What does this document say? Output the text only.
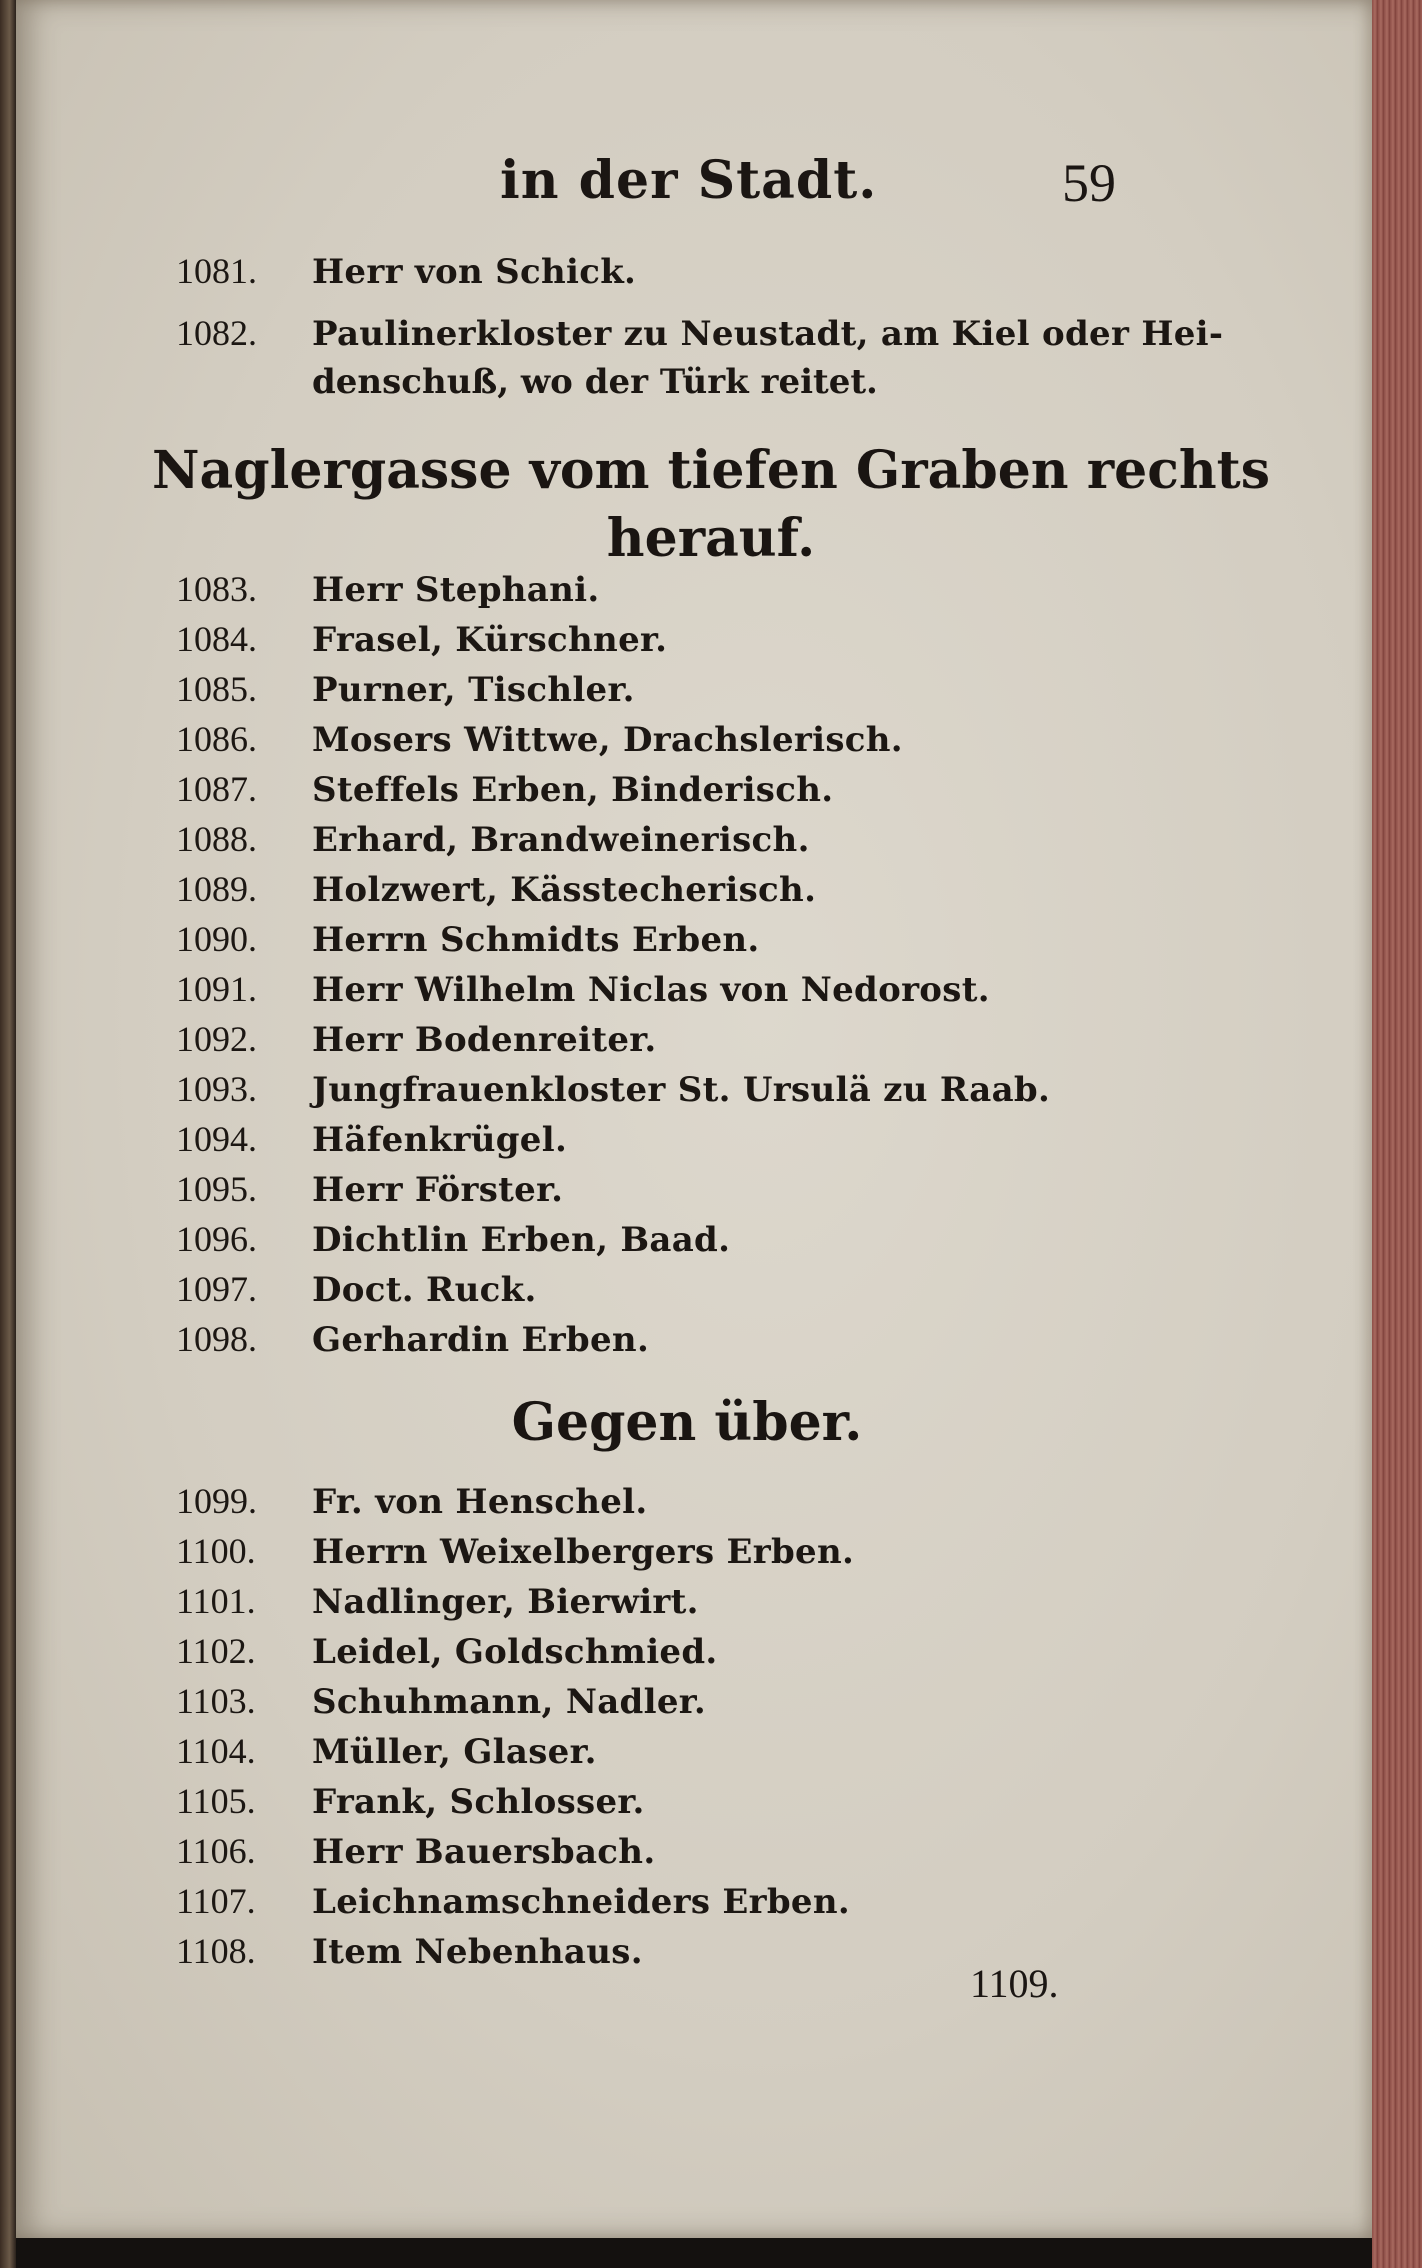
in der Stadt.	59
1081. Herr von Schick.
1082. Paulinerkloster zu Neustadt, am Kiel oder Hei-
denschuß, wo der Türk reitet.
Naglergasse vom tiefen Graben rechts
herauf.
1083. Herr Stephani.
1084. Frasel, Kürschner.
1085. Purner, Tischler.
1086. Mosers Wittwe, Drachslerisch.
1087. Steffels Erben, Binderisch.
1088. Erhard, Brandweinerisch.
1089. Holzwert, Kässtecherisch.
1090. Herrn Schmidts Erben.
1091. Herr Wilhelm Niclas von Nedorost.
1092. Herr Bodenreiter.
1093. Jungfrauenkloster St. Ursulä zu Raab.
1094. Häfenkrügel.
1095. Herr Förster.
1096. Dichtlin Erben, Baad.
1097. Doct. Ruck.
1098. Gerhardin Erben.
Gegen über.
1099. Fr. von Henschel.
1100. Herrn Weixelbergers Erben.
1101. Nadlinger, Bierwirt.
1102. Leidel, Goldschmied.
1103. Schuhmann, Nadler.
1104. Müller, Glaser.
1105. Frank, Schlosser.
1106. Herr Bauersbach.
1107. Leichnamschneiders Erben.
1108. Item Nebenhaus.
1109.
